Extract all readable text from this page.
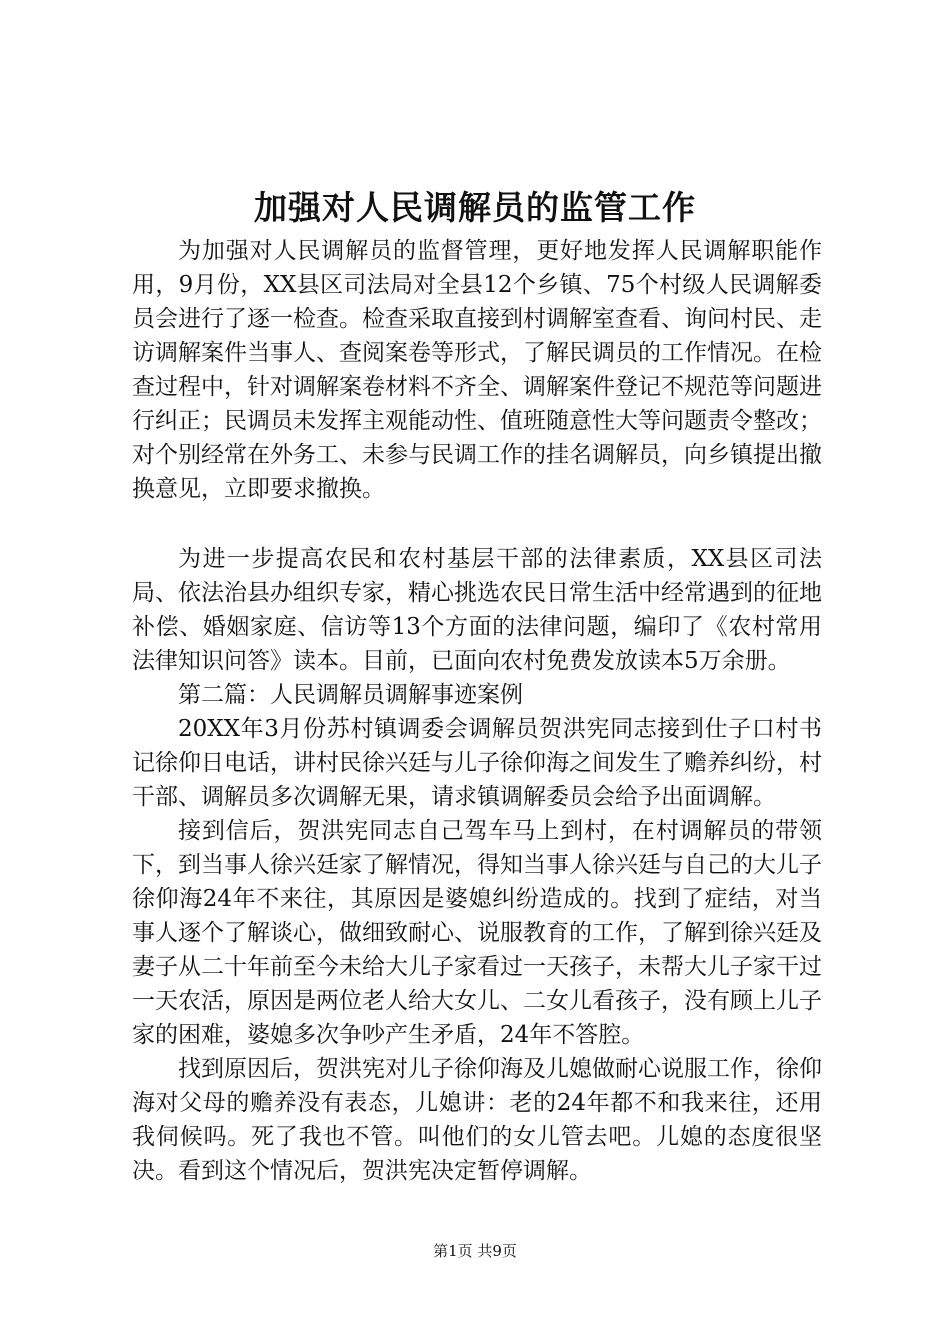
加强对人民调解员的监管工作

为加强对人民调解员的监督管理，更好地发挥人民调解职能作用，9月份，XX县区司法局对全县12个乡镇、75个村级人民调解委员会进行了逐一检查。检查采取直接到村调解室查看、询问村民、走访调解案件当事人、查阅案卷等形式，了解民调员的工作情况。在检查过程中，针对调解案卷材料不齐全、调解案件登记不规范等问题进行纠正；民调员未发挥主观能动性、值班随意性大等问题责令整改；对个别经常在外务工、未参与民调工作的挂名调解员，向乡镇提出撤换意见，立即要求撤换。

为进一步提高农民和农村基层干部的法律素质，XX县区司法局、依法治县办组织专家，精心挑选农民日常生活中经常遇到的征地补偿、婚姻家庭、信访等13个方面的法律问题，编印了《农村常用法律知识问答》读本。目前，已面向农村免费发放读本5万余册。

第二篇：人民调解员调解事迹案例

20XX年3月份苏村镇调委会调解员贺洪宪同志接到仕子口村书记徐仰日电话，讲村民徐兴廷与儿子徐仰海之间发生了赡养纠纷，村干部、调解员多次调解无果，请求镇调解委员会给予出面调解。

接到信后，贺洪宪同志自己驾车马上到村，在村调解员的带领下，到当事人徐兴廷家了解情况，得知当事人徐兴廷与自己的大儿子徐仰海24年不来往，其原因是婆媳纠纷造成的。找到了症结，对当事人逐个了解谈心，做细致耐心、说服教育的工作，了解到徐兴廷及妻子从二十年前至今未给大儿子家看过一天孩子，未帮大儿子家干过一天农活，原因是两位老人给大女儿、二女儿看孩子，没有顾上儿子家的困难，婆媳多次争吵产生矛盾，24年不答腔。

找到原因后，贺洪宪对儿子徐仰海及儿媳做耐心说服工作，徐仰海对父母的赡养没有表态，儿媳讲：老的24年都不和我来往，还用我伺候吗。死了我也不管。叫他们的女儿管去吧。儿媳的态度很坚决。看到这个情况后，贺洪宪决定暂停调解。

第1页 共9页
